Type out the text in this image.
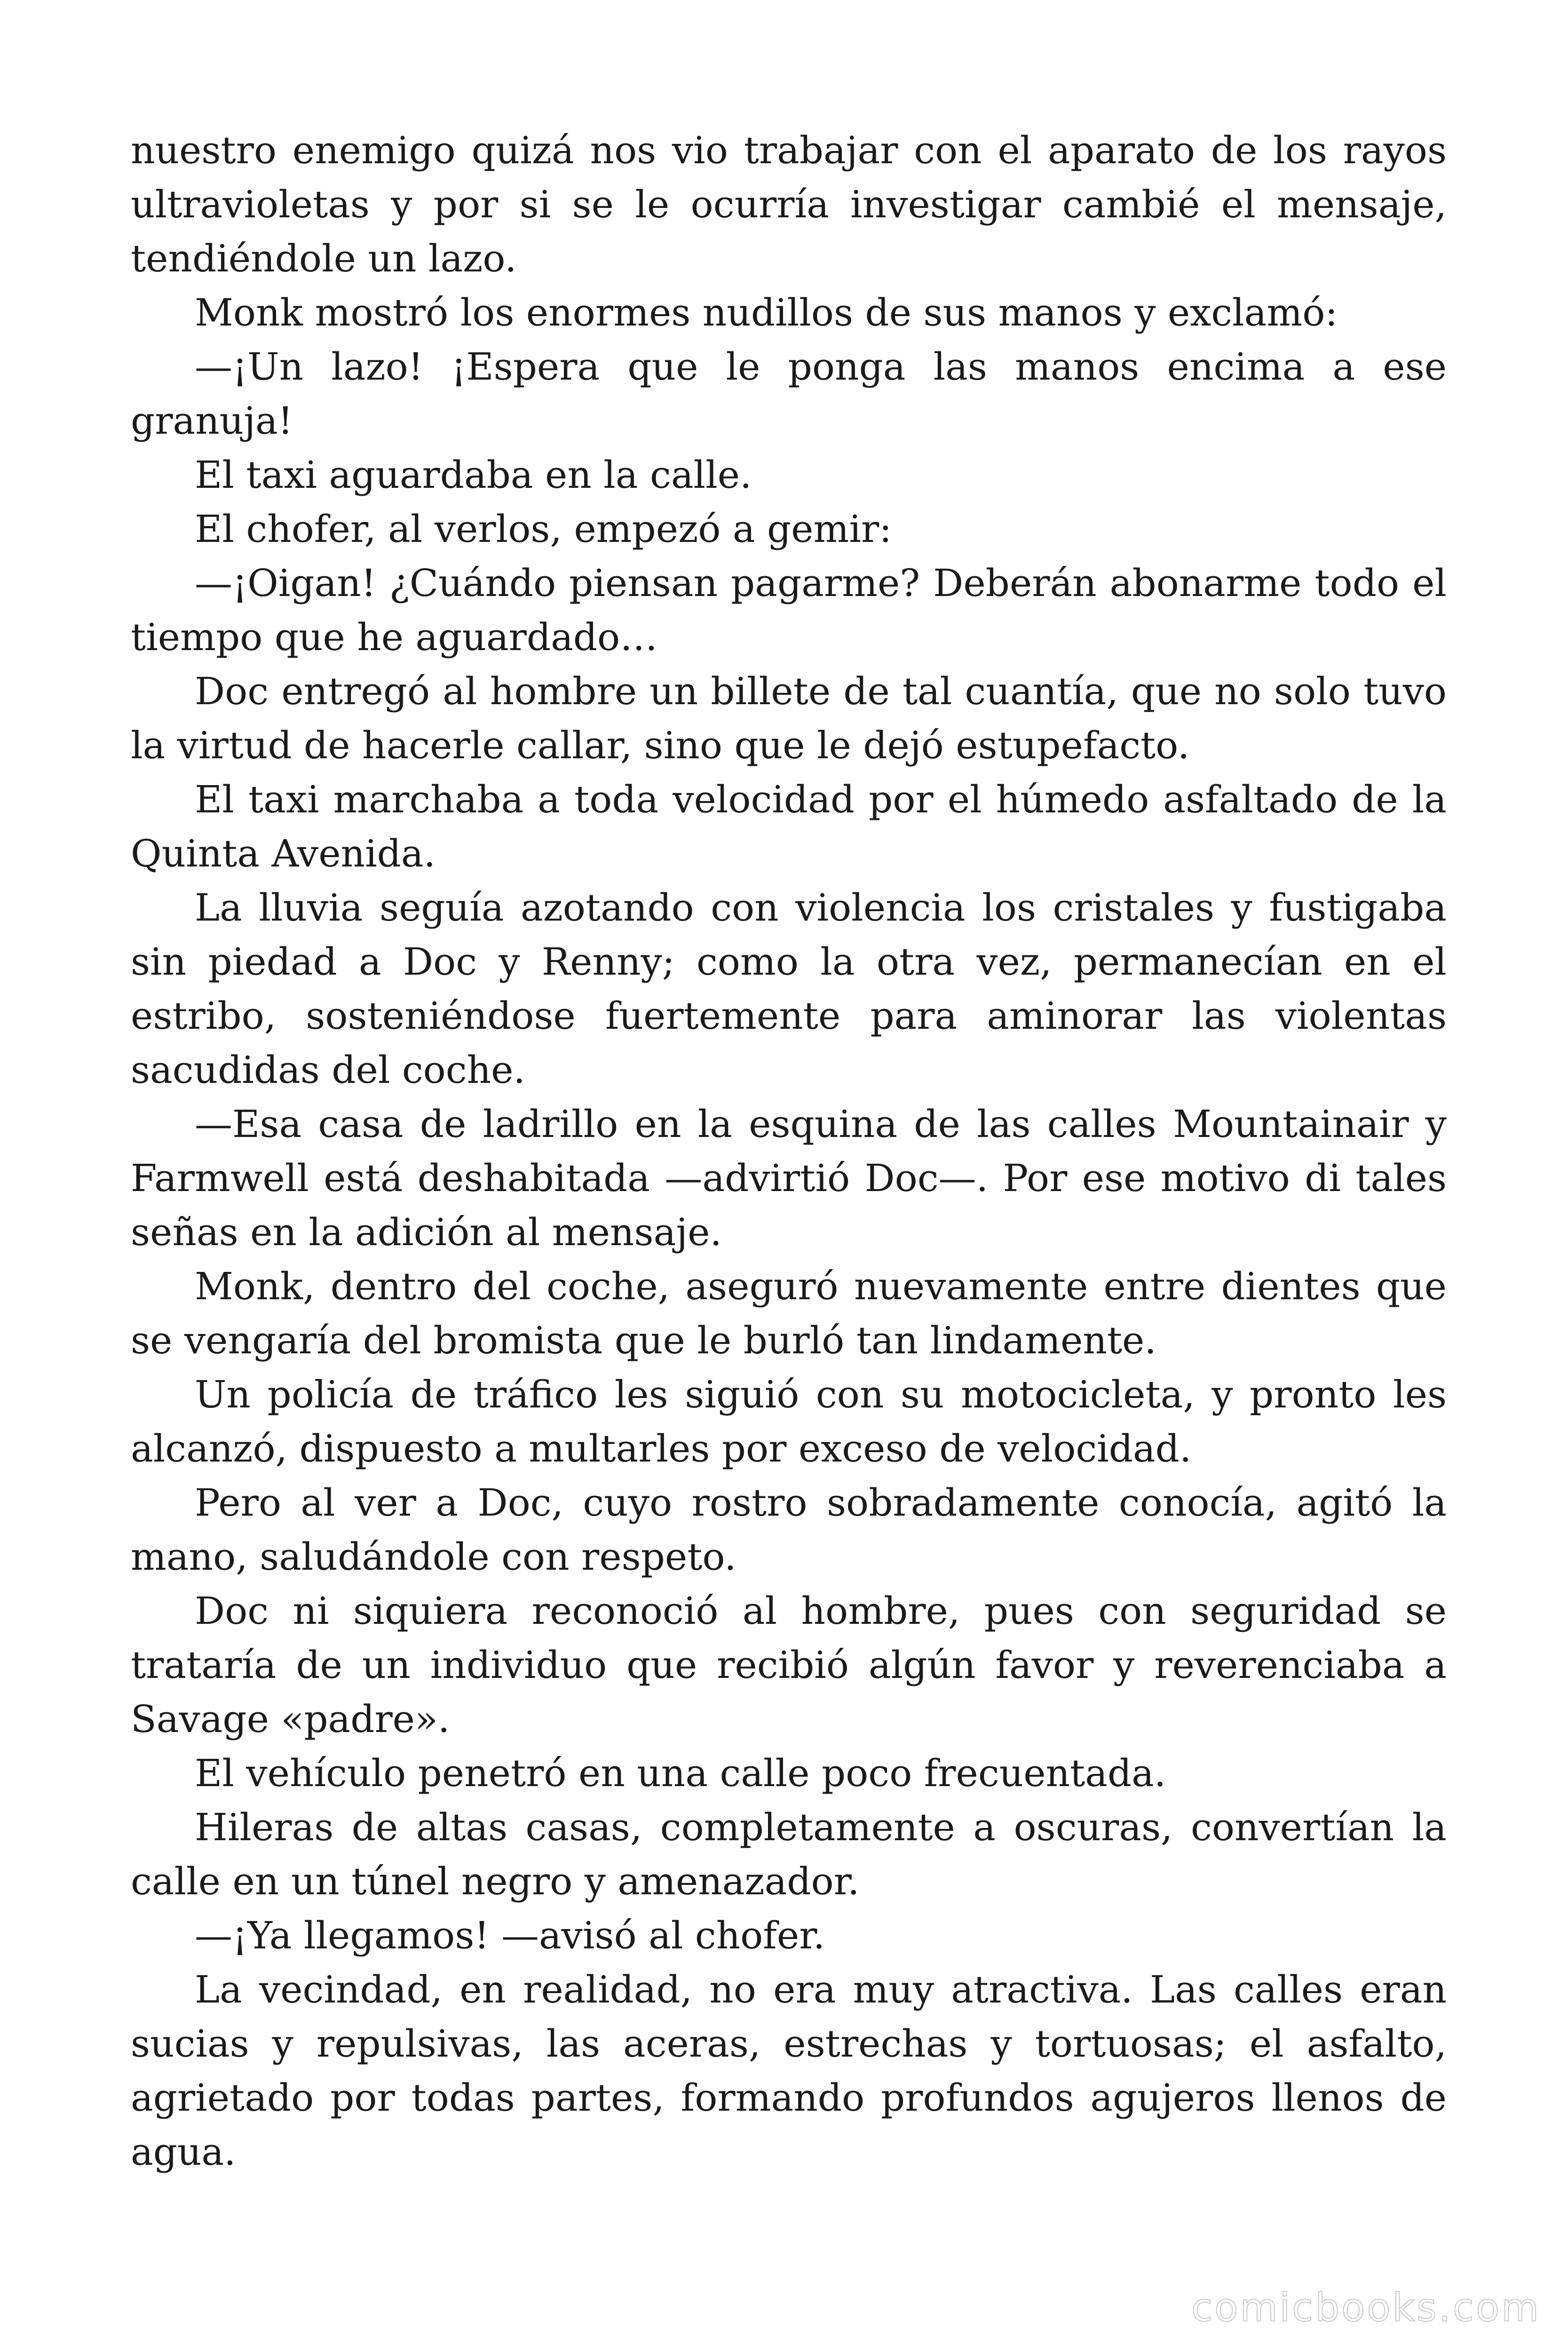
nuestro enemigo quizá nos vio trabajar con el aparato de los rayos ultravioletas y por si se le ocurría investigar cambié el mensaje, tendiéndole un lazo.

Monk mostró los enormes nudillos de sus manos y exclamó:

—¡Un lazo! ¡Espera que le ponga las manos encima a ese granuja!

El taxi aguardaba en la calle.

El chofer, al verlos, empezó a gemir:

—¡Oigan! ¿Cuándo piensan pagarme? Deberán abonarme todo el tiempo que he aguardado…

Doc entregó al hombre un billete de tal cuantía, que no solo tuvo la virtud de hacerle callar, sino que le dejó estupefacto.

El taxi marchaba a toda velocidad por el húmedo asfaltado de la Quinta Avenida.

La lluvia seguía azotando con violencia los cristales y fustigaba sin piedad a Doc y Renny; como la otra vez, permanecían en el estribo, sosteniéndose fuertemente para aminorar las violentas sacudidas del coche.

—Esa casa de ladrillo en la esquina de las calles Mountainair y Farmwell está deshabitada —advirtió Doc—. Por ese motivo di tales señas en la adición al mensaje.

Monk, dentro del coche, aseguró nuevamente entre dientes que se vengaría del bromista que le burló tan lindamente.

Un policía de tráfico les siguió con su motocicleta, y pronto les alcanzó, dispuesto a multarles por exceso de velocidad.

Pero al ver a Doc, cuyo rostro sobradamente conocía, agitó la mano, saludándole con respeto.

Doc ni siquiera reconoció al hombre, pues con seguridad se trataría de un individuo que recibió algún favor y reverenciaba a Savage «padre».

El vehículo penetró en una calle poco frecuentada.

Hileras de altas casas, completamente a oscuras, convertían la calle en un túnel negro y amenazador.

—¡Ya llegamos! —avisó al chofer.

La vecindad, en realidad, no era muy atractiva. Las calles eran sucias y repulsivas, las aceras, estrechas y tortuosas; el asfalto, agrietado por todas partes, formando profundos agujeros llenos de agua.

comicbooks.com
